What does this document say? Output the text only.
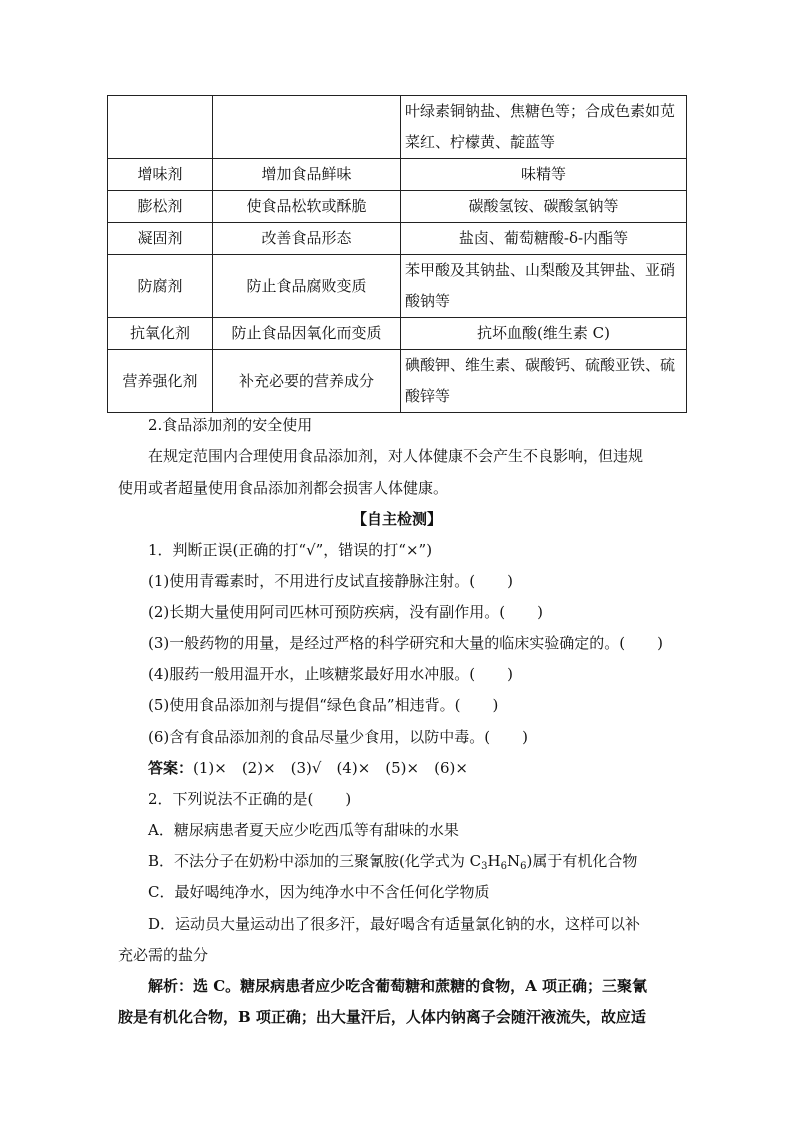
		叶绿素铜钠盐、焦糖色等；合成色素如苋菜红、柠檬黄、靛蓝等
增味剂	增加食品鲜味	味精等
膨松剂	使食品松软或酥脆	碳酸氢铵、碳酸氢钠等
凝固剂	改善食品形态	盐卤、葡萄糖酸-δ-内酯等
防腐剂	防止食品腐败变质	苯甲酸及其钠盐、山梨酸及其钾盐、亚硝酸钠等
抗氧化剂	防止食品因氧化而变质	抗坏血酸(维生素 C)
营养强化剂	补充必要的营养成分	碘酸钾、维生素、碳酸钙、硫酸亚铁、硫酸锌等
2.食品添加剂的安全使用
在规定范围内合理使用食品添加剂，对人体健康不会产生不良影响，但违规
使用或者超量使用食品添加剂都会损害人体健康。
【自主检测】
1．判断正误(正确的打“√”，错误的打“×”)
(1)使用青霉素时，不用进行皮试直接静脉注射。( )
(2)长期大量使用阿司匹林可预防疾病，没有副作用。( )
(3)一般药物的用量，是经过严格的科学研究和大量的临床实验确定的。( )
(4)服药一般用温开水，止咳糖浆最好用水冲服。( )
(5)使用食品添加剂与提倡“绿色食品”相违背。( )
(6)含有食品添加剂的食品尽量少食用，以防中毒。( )
答案：(1)×　(2)×　(3)√　(4)×　(5)×　(6)×
2．下列说法不正确的是( )
A．糖尿病患者夏天应少吃西瓜等有甜味的水果
B．不法分子在奶粉中添加的三聚氰胺(化学式为 $C_3H_6N_6$)属于有机化合物
C．最好喝纯净水，因为纯净水中不含任何化学物质
D．运动员大量运动出了很多汗，最好喝含有适量氯化钠的水，这样可以补
充必需的盐分
解析：选 C。糖尿病患者应少吃含葡萄糖和蔗糖的食物，A 项正确；三聚氰
胺是有机化合物，B 项正确；出大量汗后，人体内钠离子会随汗液流失，故应适
